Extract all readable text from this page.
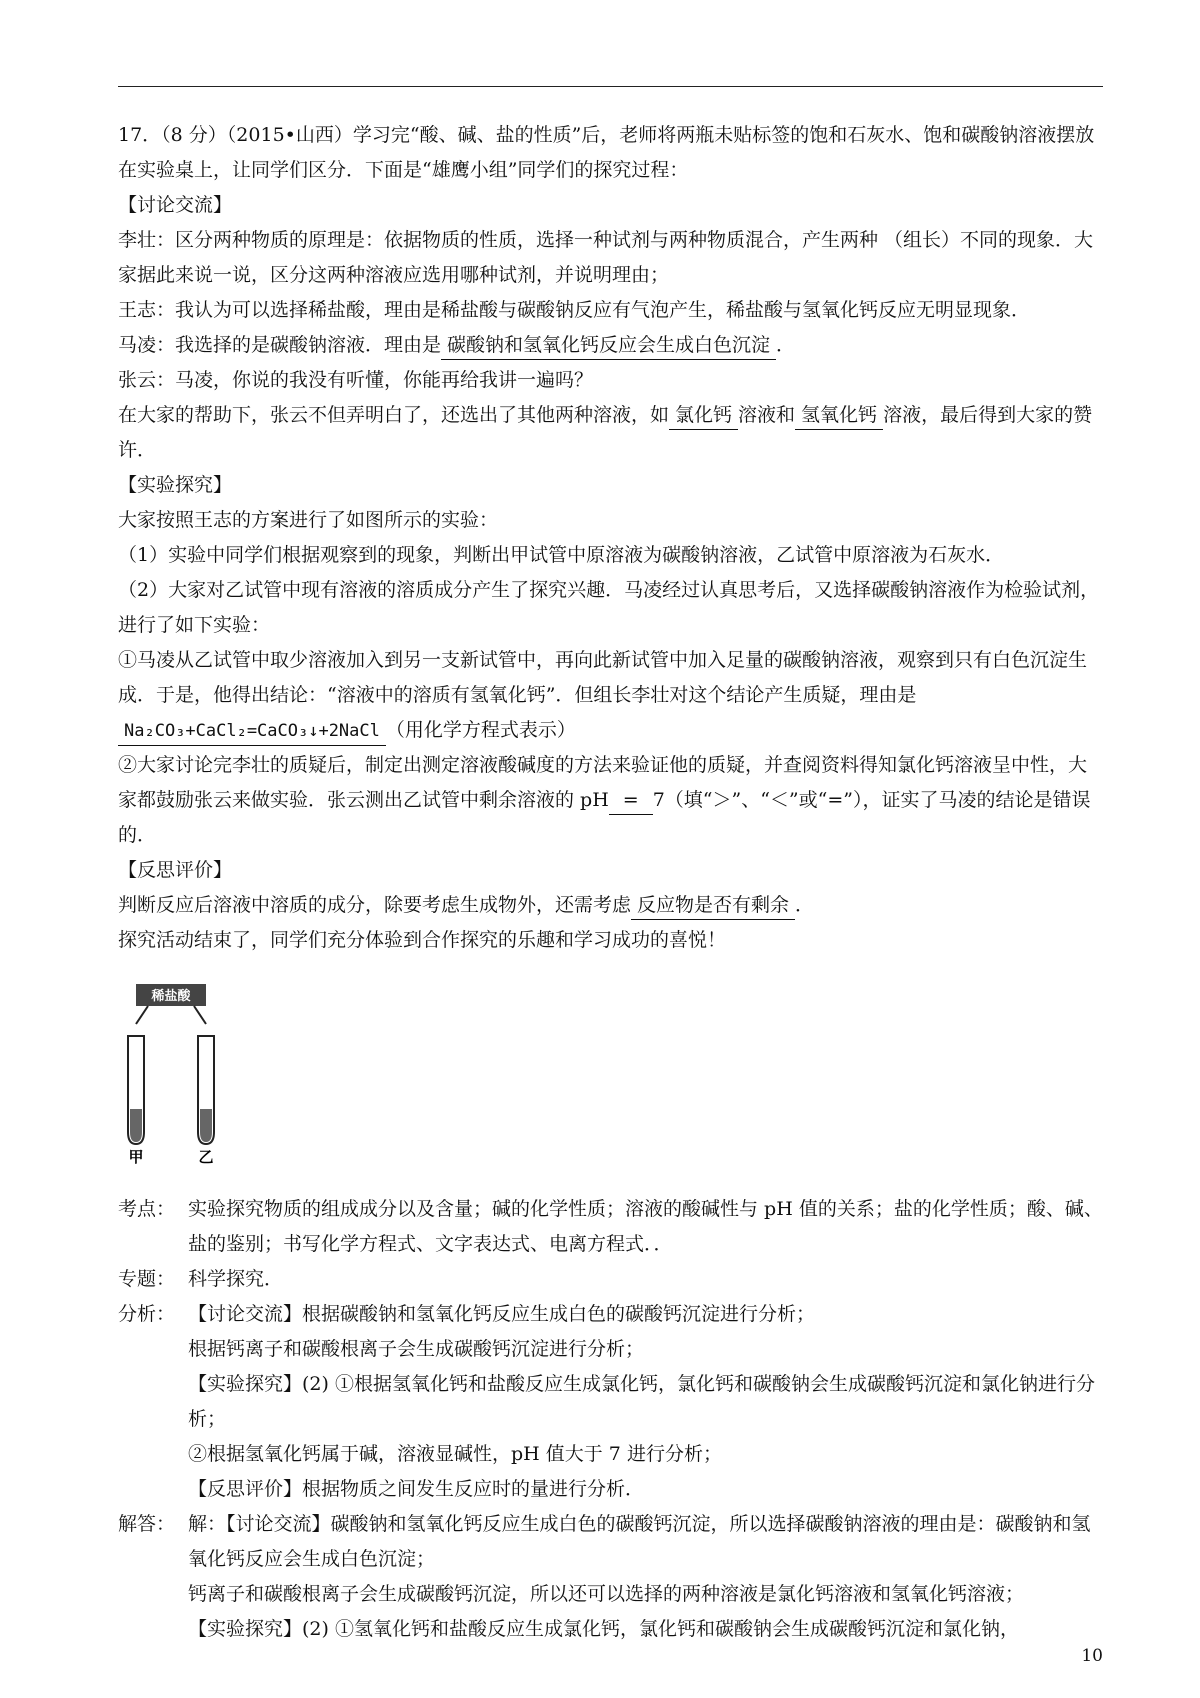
17．（8 分）（2015•山西）学习完“酸、碱、盐的性质”后，老师将两瓶未贴标签的饱和石灰水、饱和碳酸钠溶液摆放在实验桌上，让同学们区分．下面是“雄鹰小组”同学们的探究过程：

【讨论交流】

李壮：区分两种物质的原理是：依据物质的性质，选择一种试剂与两种物质混合，产生两种 （组长）不同的现象．大家据此来说一说，区分这两种溶液应选用哪种试剂，并说明理由；

王志：我认为可以选择稀盐酸，理由是稀盐酸与碳酸钠反应有气泡产生，稀盐酸与氢氧化钙反应无明显现象．

马凌：我选择的是碳酸钠溶液．理由是 碳酸钠和氢氧化钙反应会生成白色沉淀 ．

张云：马凌，你说的我没有听懂，你能再给我讲一遍吗？

在大家的帮助下，张云不但弄明白了，还选出了其他两种溶液，如 氯化钙 溶液和 氢氧化钙 溶液，最后得到大家的赞许．

【实验探究】

大家按照王志的方案进行了如图所示的实验：

（1）实验中同学们根据观察到的现象，判断出甲试管中原溶液为碳酸钠溶液，乙试管中原溶液为石灰水．

（2）大家对乙试管中现有溶液的溶质成分产生了探究兴趣．马凌经过认真思考后，又选择碳酸钠溶液作为检验试剂，进行了如下实验：

①马凌从乙试管中取少溶液加入到另一支新试管中，再向此新试管中加入足量的碳酸钠溶液，观察到只有白色沉淀生成．于是，他得出结论：“溶液中的溶质有氢氧化钙”．但组长李壮对这个结论产生质疑，理由是Na₂CO₃+CaCl₂=CaCO₃↓+2NaCl （用化学方程式表示）

②大家讨论完李壮的质疑后，制定出测定溶液酸碱度的方法来验证他的质疑，并查阅资料得知氯化钙溶液呈中性，大家都鼓励张云来做实验．张云测出乙试管中剩余溶液的 pH = 7（填“＞”、“＜”或“=”），证实了马凌的结论是错误的．

【反思评价】

判断反应后溶液中溶质的成分，除要考虑生成物外，还需考虑 反应物是否有剩余 ．

探究活动结束了，同学们充分体验到合作探究的乐趣和学习成功的喜悦！

稀盐酸
甲	乙
考点： 实验探究物质的组成成分以及含量；碱的化学性质；溶液的酸碱性与 pH 值的关系；盐的化学性质；酸、碱、盐的鉴别；书写化学方程式、文字表达式、电离方程式．．
专题： 科学探究．
分析： 【讨论交流】根据碳酸钠和氢氧化钙反应生成白色的碳酸钙沉淀进行分析；

根据钙离子和碳酸根离子会生成碳酸钙沉淀进行分析；

【实验探究】(2) ①根据氢氧化钙和盐酸反应生成氯化钙，氯化钙和碳酸钠会生成碳酸钙沉淀和氯化钠进行分析；

②根据氢氧化钙属于碱，溶液显碱性，pH 值大于 7 进行分析；

【反思评价】根据物质之间发生反应时的量进行分析．

解答： 解：【讨论交流】碳酸钠和氢氧化钙反应生成白色的碳酸钙沉淀，所以选择碳酸钠溶液的理由是：碳酸钠和氢氧化钙反应会生成白色沉淀；

钙离子和碳酸根离子会生成碳酸钙沉淀，所以还可以选择的两种溶液是氯化钙溶液和氢氧化钙溶液；

【实验探究】(2) ①氢氧化钙和盐酸反应生成氯化钙，氯化钙和碳酸钠会生成碳酸钙沉淀和氯化钠，

10
